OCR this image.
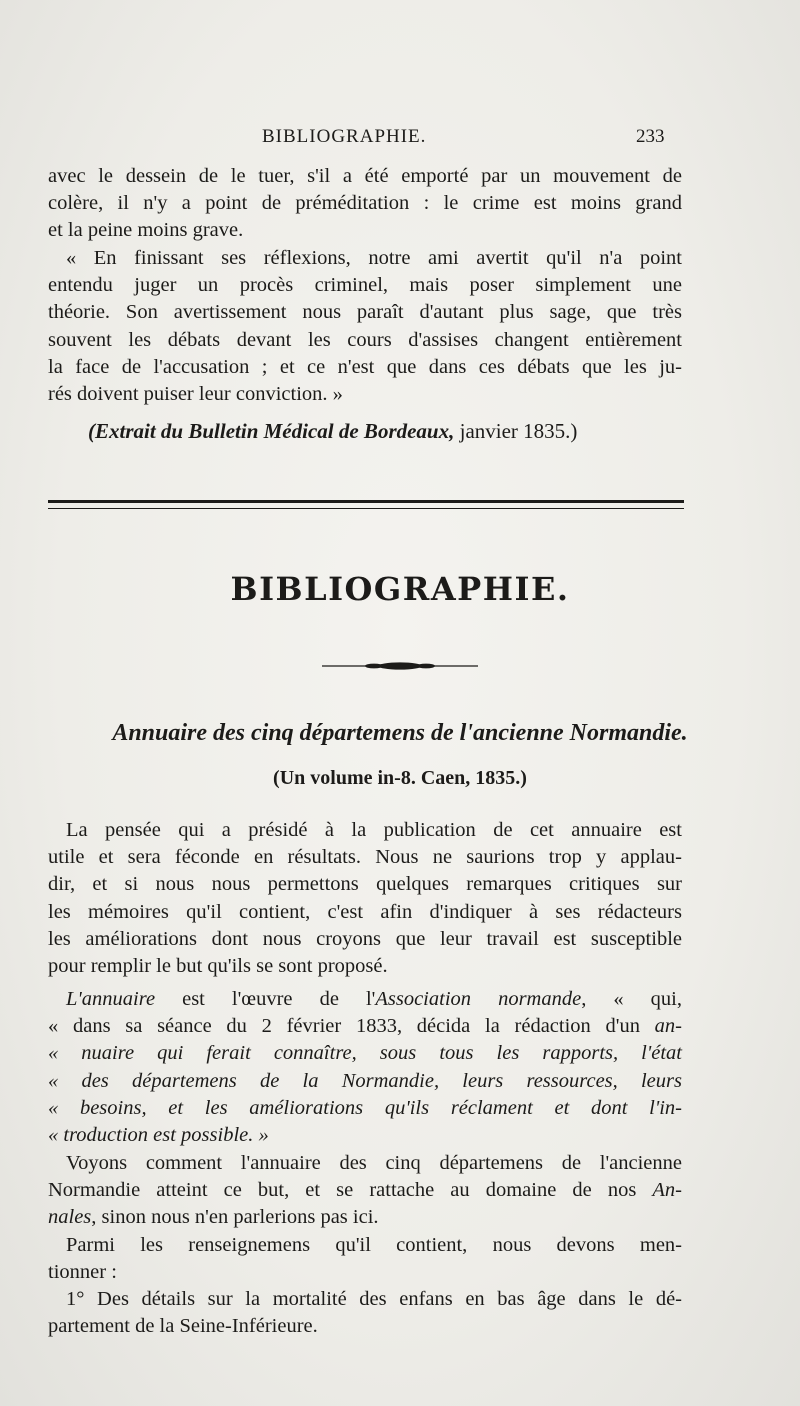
BIBLIOGRAPHIE.	233

avec le dessein de le tuer, s'il a été emporté par un mouvement de
colère, il n'y a point de préméditation : le crime est moins grand
et la peine moins grave.

« En finissant ses réflexions, notre ami avertit qu'il n'a point
entendu juger un procès criminel, mais poser simplement une
théorie. Son avertissement nous paraît d'autant plus sage, que très
souvent les débats devant les cours d'assises changent entièrement
la face de l'accusation ; et ce n'est que dans ces débats que les ju-
rés doivent puiser leur conviction. »

(Extrait du Bulletin Médical de Bordeaux, janvier 1835.)
BIBLIOGRAPHIE.
Annuaire des cinq départemens de l'ancienne Normandie.
(Un volume in-8. Caen, 1835.)

La pensée qui a présidé à la publication de cet annuaire est
utile et sera féconde en résultats. Nous ne saurions trop y applau-
dir, et si nous nous permettons quelques remarques critiques sur
les mémoires qu'il contient, c'est afin d'indiquer à ses rédacteurs
les améliorations dont nous croyons que leur travail est susceptible
pour remplir le but qu'ils se sont proposé.

L'annuaire est l'œuvre de l'Association normande, « qui,
« dans sa séance du 2 février 1833, décida la rédaction d'un an-
« nuaire qui ferait connaître, sous tous les rapports, l'état
« des départemens de la Normandie, leurs ressources, leurs
« besoins, et les améliorations qu'ils réclament et dont l'in-
« troduction est possible. »

Voyons comment l'annuaire des cinq départemens de l'ancienne
Normandie atteint ce but, et se rattache au domaine de nos An-
nales, sinon nous n'en parlerions pas ici.

Parmi les renseignemens qu'il contient, nous devons men-
tionner :

1° Des détails sur la mortalité des enfans en bas âge dans le dé-
partement de la Seine-Inférieure.
